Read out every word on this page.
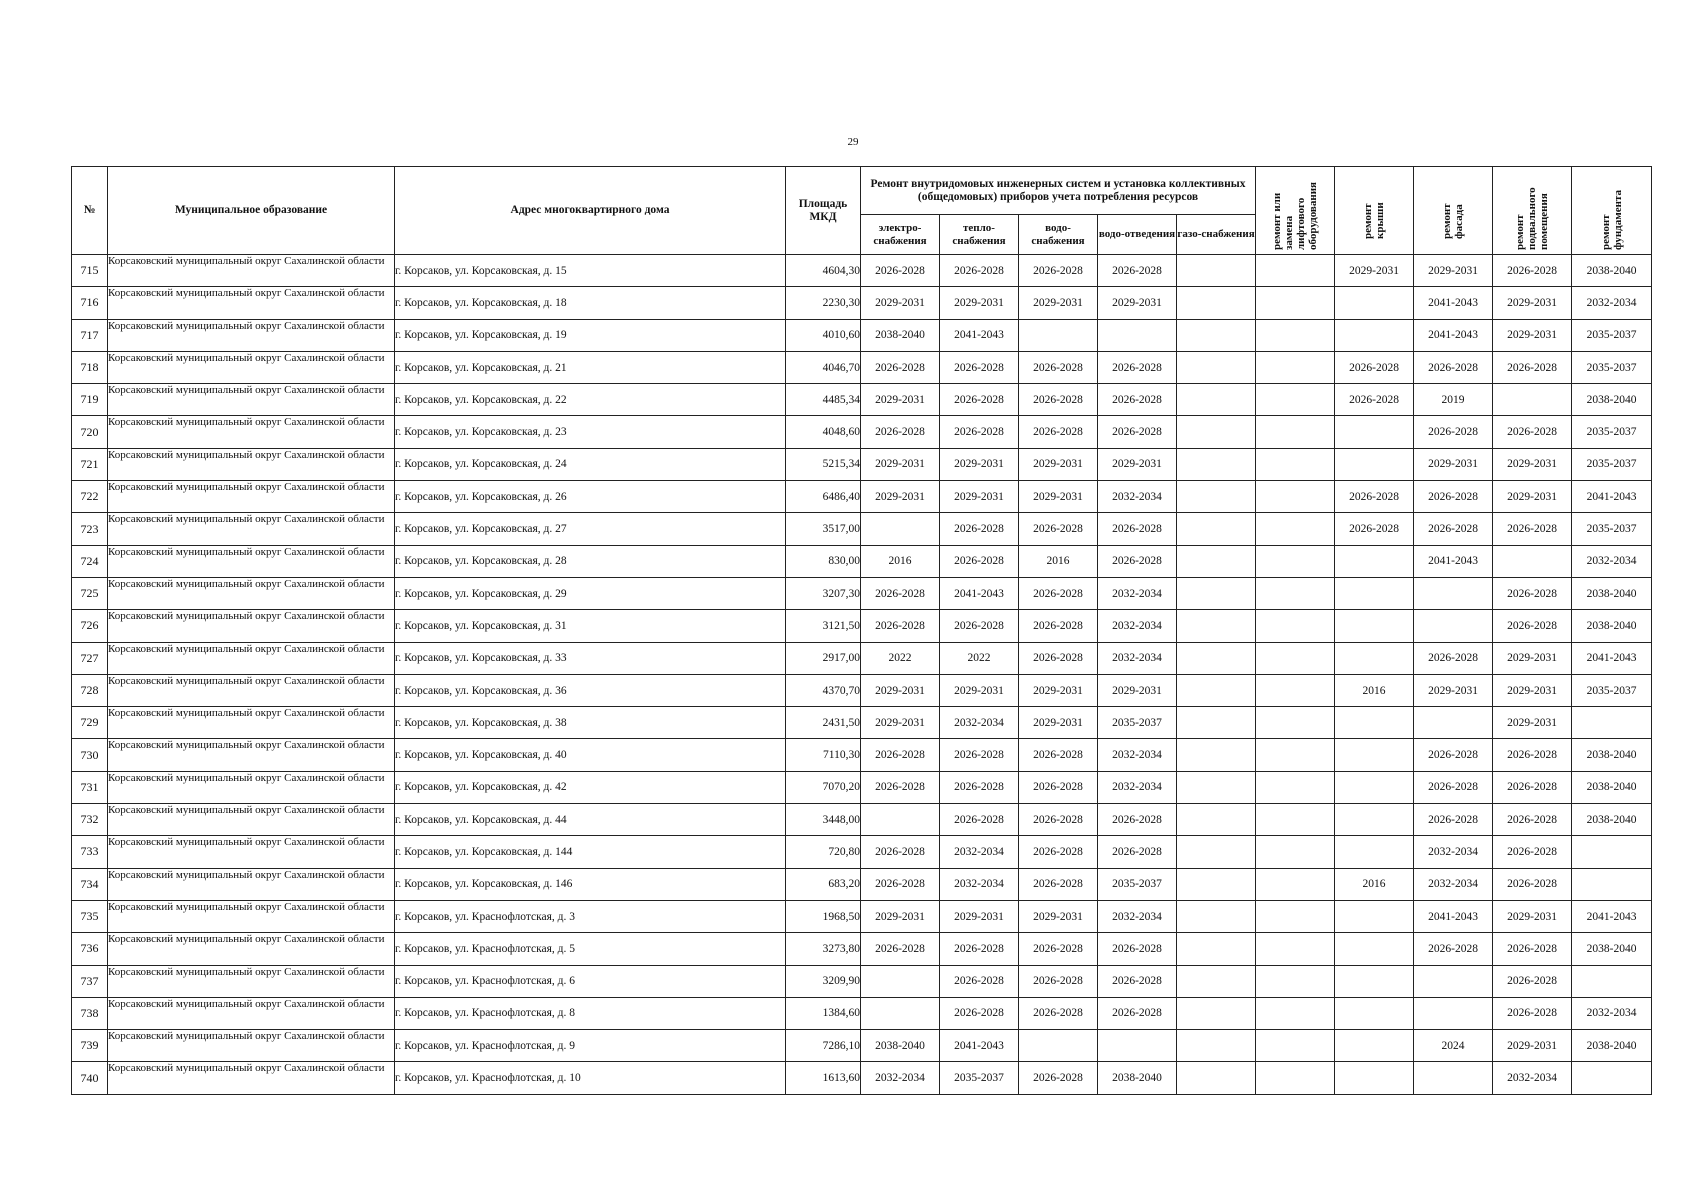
29
№	Муниципальное образование	Адрес многоквартирного дома	Площадь МКД	Ремонт внутридомовых инженерных систем и установка коллективных (общедомовых) приборов учета потребления ресурсов					ремонт или замена лифтового оборудования	ремонт крыши	ремонт фасада	ремонт подвального помещения	ремонт фундамента
				электро-снабжения	тепло-снабжения	водо-снабжения	водо-отведения	газо-снабжения					
715	Корсаковский муниципальный округ Сахалинской области	г. Корсаков, ул. Корсаковская, д. 15	4604,30	2026-2028	2026-2028	2026-2028	2026-2028			2029-2031	2029-2031	2026-2028	2038-2040
716	Корсаковский муниципальный округ Сахалинской области	г. Корсаков, ул. Корсаковская, д. 18	2230,30	2029-2031	2029-2031	2029-2031	2029-2031				2041-2043	2029-2031	2032-2034
717	Корсаковский муниципальный округ Сахалинской области	г. Корсаков, ул. Корсаковская, д. 19	4010,60	2038-2040	2041-2043						2041-2043	2029-2031	2035-2037
718	Корсаковский муниципальный округ Сахалинской области	г. Корсаков, ул. Корсаковская, д. 21	4046,70	2026-2028	2026-2028	2026-2028	2026-2028			2026-2028	2026-2028	2026-2028	2035-2037
719	Корсаковский муниципальный округ Сахалинской области	г. Корсаков, ул. Корсаковская, д. 22	4485,34	2029-2031	2026-2028	2026-2028	2026-2028			2026-2028	2019		2038-2040
720	Корсаковский муниципальный округ Сахалинской области	г. Корсаков, ул. Корсаковская, д. 23	4048,60	2026-2028	2026-2028	2026-2028	2026-2028				2026-2028	2026-2028	2035-2037
721	Корсаковский муниципальный округ Сахалинской области	г. Корсаков, ул. Корсаковская, д. 24	5215,34	2029-2031	2029-2031	2029-2031	2029-2031				2029-2031	2029-2031	2035-2037
722	Корсаковский муниципальный округ Сахалинской области	г. Корсаков, ул. Корсаковская, д. 26	6486,40	2029-2031	2029-2031	2029-2031	2032-2034			2026-2028	2026-2028	2029-2031	2041-2043
723	Корсаковский муниципальный округ Сахалинской области	г. Корсаков, ул. Корсаковская, д. 27	3517,00		2026-2028	2026-2028	2026-2028			2026-2028	2026-2028	2026-2028	2035-2037
724	Корсаковский муниципальный округ Сахалинской области	г. Корсаков, ул. Корсаковская, д. 28	830,00	2016	2026-2028	2016	2026-2028				2041-2043		2032-2034
725	Корсаковский муниципальный округ Сахалинской области	г. Корсаков, ул. Корсаковская, д. 29	3207,30	2026-2028	2041-2043	2026-2028	2032-2034					2026-2028	2038-2040
726	Корсаковский муниципальный округ Сахалинской области	г. Корсаков, ул. Корсаковская, д. 31	3121,50	2026-2028	2026-2028	2026-2028	2032-2034					2026-2028	2038-2040
727	Корсаковский муниципальный округ Сахалинской области	г. Корсаков, ул. Корсаковская, д. 33	2917,00	2022	2022	2026-2028	2032-2034				2026-2028	2029-2031	2041-2043
728	Корсаковский муниципальный округ Сахалинской области	г. Корсаков, ул. Корсаковская, д. 36	4370,70	2029-2031	2029-2031	2029-2031	2029-2031			2016	2029-2031	2029-2031	2035-2037
729	Корсаковский муниципальный округ Сахалинской области	г. Корсаков, ул. Корсаковская, д. 38	2431,50	2029-2031	2032-2034	2029-2031	2035-2037					2029-2031	
730	Корсаковский муниципальный округ Сахалинской области	г. Корсаков, ул. Корсаковская, д. 40	7110,30	2026-2028	2026-2028	2026-2028	2032-2034				2026-2028	2026-2028	2038-2040
731	Корсаковский муниципальный округ Сахалинской области	г. Корсаков, ул. Корсаковская, д. 42	7070,20	2026-2028	2026-2028	2026-2028	2032-2034				2026-2028	2026-2028	2038-2040
732	Корсаковский муниципальный округ Сахалинской области	г. Корсаков, ул. Корсаковская, д. 44	3448,00		2026-2028	2026-2028	2026-2028				2026-2028	2026-2028	2038-2040
733	Корсаковский муниципальный округ Сахалинской области	г. Корсаков, ул. Корсаковская, д. 144	720,80	2026-2028	2032-2034	2026-2028	2026-2028				2032-2034	2026-2028	
734	Корсаковский муниципальный округ Сахалинской области	г. Корсаков, ул. Корсаковская, д. 146	683,20	2026-2028	2032-2034	2026-2028	2035-2037			2016	2032-2034	2026-2028	
735	Корсаковский муниципальный округ Сахалинской области	г. Корсаков, ул. Краснофлотская, д. 3	1968,50	2029-2031	2029-2031	2029-2031	2032-2034				2041-2043	2029-2031	2041-2043
736	Корсаковский муниципальный округ Сахалинской области	г. Корсаков, ул. Краснофлотская, д. 5	3273,80	2026-2028	2026-2028	2026-2028	2026-2028				2026-2028	2026-2028	2038-2040
737	Корсаковский муниципальный округ Сахалинской области	г. Корсаков, ул. Краснофлотская, д. 6	3209,90		2026-2028	2026-2028	2026-2028					2026-2028	
738	Корсаковский муниципальный округ Сахалинской области	г. Корсаков, ул. Краснофлотская, д. 8	1384,60		2026-2028	2026-2028	2026-2028					2026-2028	2032-2034
739	Корсаковский муниципальный округ Сахалинской области	г. Корсаков, ул. Краснофлотская, д. 9	7286,10	2038-2040	2041-2043						2024	2029-2031	2038-2040
740	Корсаковский муниципальный округ Сахалинской области	г. Корсаков, ул. Краснофлотская, д. 10	1613,60	2032-2034	2035-2037	2026-2028	2038-2040					2032-2034	
